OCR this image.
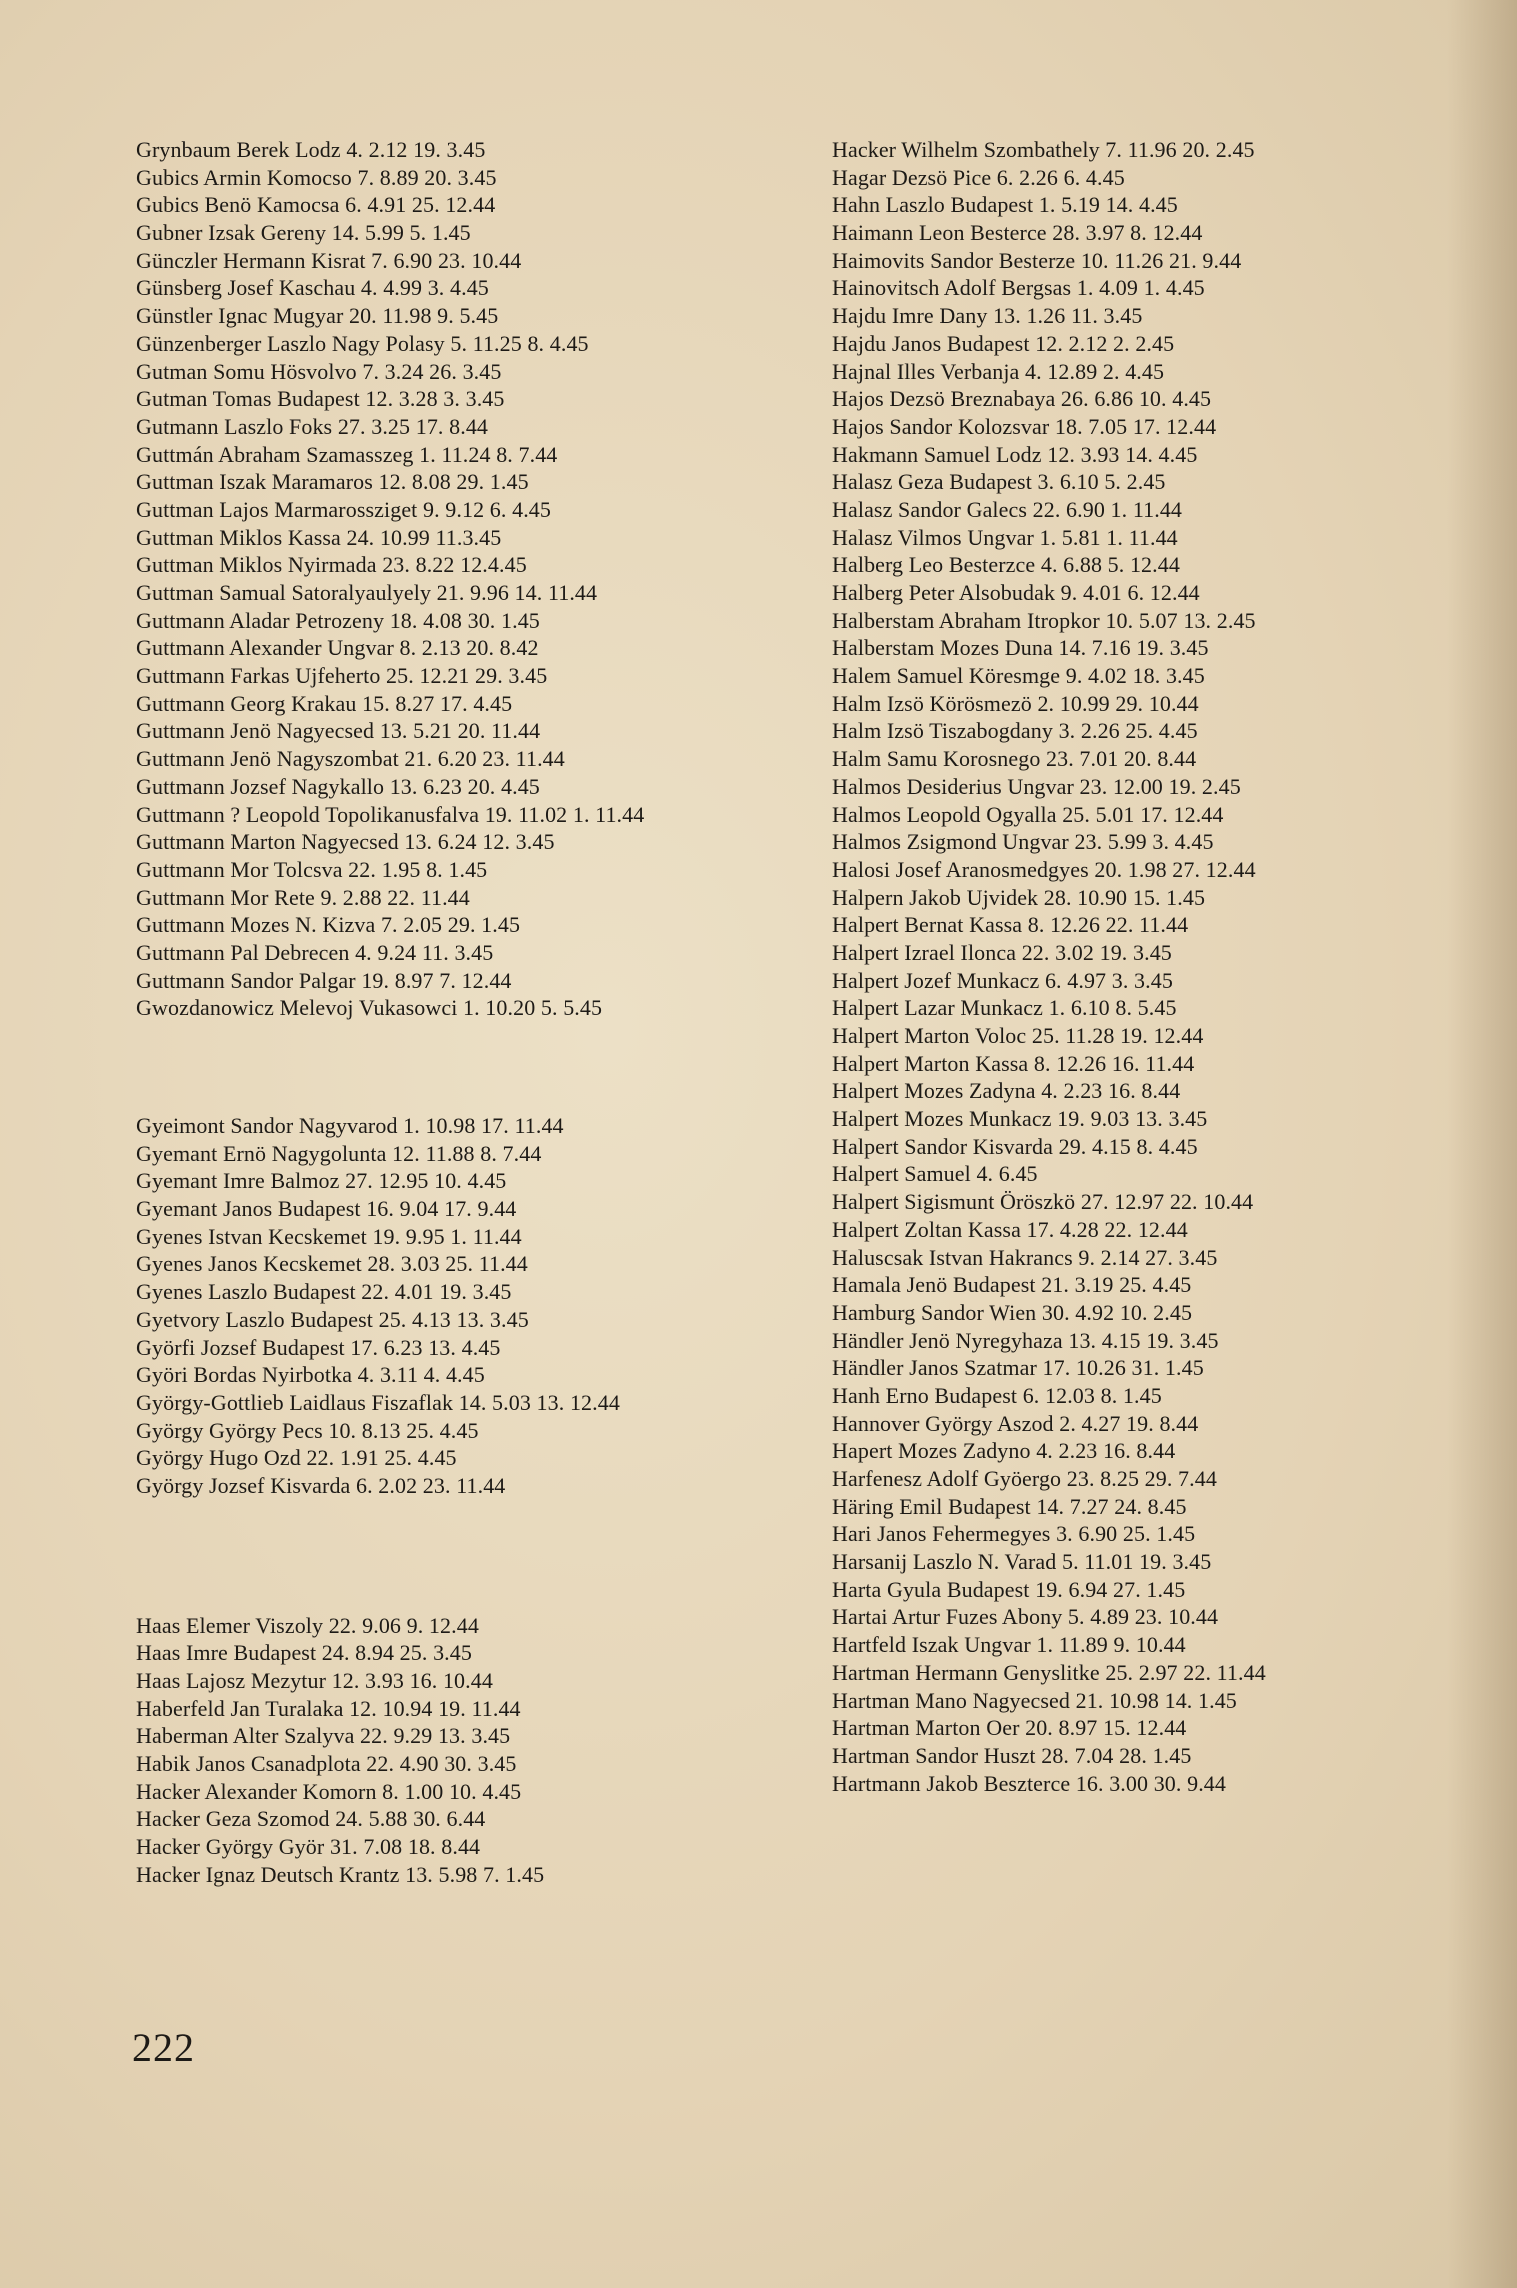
Grynbaum Berek Lodz 4. 2.12 19. 3.45
Gubics Armin Komocso 7. 8.89 20. 3.45
Gubics Benö Kamocsa 6. 4.91 25. 12.44
Gubner Izsak Gereny 14. 5.99 5. 1.45
Günczler Hermann Kisrat 7. 6.90 23. 10.44
Günsberg Josef Kaschau 4. 4.99 3. 4.45
Günstler Ignac Mugyar 20. 11.98 9. 5.45
Günzenberger Laszlo Nagy Polasy 5. 11.25 8. 4.45
Gutman Somu Hösvolvo 7. 3.24 26. 3.45
Gutman Tomas Budapest 12. 3.28 3. 3.45
Gutmann Laszlo Foks 27. 3.25 17. 8.44
Guttmán Abraham Szamasszeg 1. 11.24 8. 7.44
Guttman Iszak Maramaros 12. 8.08 29. 1.45
Guttman Lajos Marmarossziget 9. 9.12 6. 4.45
Guttman Miklos Kassa 24. 10.99 11.3.45
Guttman Miklos Nyirmada 23. 8.22 12.4.45
Guttman Samual Satoralyaulyely 21. 9.96 14. 11.44
Guttmann Aladar Petrozeny 18. 4.08 30. 1.45
Guttmann Alexander Ungvar 8. 2.13 20. 8.42
Guttmann Farkas Ujfeherto 25. 12.21 29. 3.45
Guttmann Georg Krakau 15. 8.27 17. 4.45
Guttmann Jenö Nagyecsed 13. 5.21 20. 11.44
Guttmann Jenö Nagyszombat 21. 6.20 23. 11.44
Guttmann Jozsef Nagykallo 13. 6.23 20. 4.45
Guttmann ? Leopold Topolikanusfalva 19. 11.02 1. 11.44
Guttmann Marton Nagyecsed 13. 6.24 12. 3.45
Guttmann Mor Tolcsva 22. 1.95 8. 1.45
Guttmann Mor Rete 9. 2.88 22. 11.44
Guttmann Mozes N. Kizva 7. 2.05 29. 1.45
Guttmann Pal Debrecen 4. 9.24 11. 3.45
Guttmann Sandor Palgar 19. 8.97 7. 12.44
Gwozdanowicz Melevoj Vukasowci 1. 10.20 5. 5.45
Gyeimont Sandor Nagyvarod 1. 10.98 17. 11.44
Gyemant Ernö Nagygolunta 12. 11.88 8. 7.44
Gyemant Imre Balmoz 27. 12.95 10. 4.45
Gyemant Janos Budapest 16. 9.04 17. 9.44
Gyenes Istvan Kecskemet 19. 9.95 1. 11.44
Gyenes Janos Kecskemet 28. 3.03 25. 11.44
Gyenes Laszlo Budapest 22. 4.01 19. 3.45
Gyetvory Laszlo Budapest 25. 4.13 13. 3.45
Györfi Jozsef Budapest 17. 6.23 13. 4.45
Györi Bordas Nyirbotka 4. 3.11 4. 4.45
György-Gottlieb Laidlaus Fiszaflak 14. 5.03 13. 12.44
György György Pecs 10. 8.13 25. 4.45
György Hugo Ozd 22. 1.91 25. 4.45
György Jozsef Kisvarda 6. 2.02 23. 11.44
Haas Elemer Viszoly 22. 9.06 9. 12.44
Haas Imre Budapest 24. 8.94 25. 3.45
Haas Lajosz Mezytur 12. 3.93 16. 10.44
Haberfeld Jan Turalaka 12. 10.94 19. 11.44
Haberman Alter Szalyva 22. 9.29 13. 3.45
Habik Janos Csanadplota 22. 4.90 30. 3.45
Hacker Alexander Komorn 8. 1.00 10. 4.45
Hacker Geza Szomod 24. 5.88 30. 6.44
Hacker György Györ 31. 7.08 18. 8.44
Hacker Ignaz Deutsch Krantz 13. 5.98 7. 1.45
Hacker Wilhelm Szombathely 7. 11.96 20. 2.45
Hagar Dezsö Pice 6. 2.26 6. 4.45
Hahn Laszlo Budapest 1. 5.19 14. 4.45
Haimann Leon Besterce 28. 3.97 8. 12.44
Haimovits Sandor Besterze 10. 11.26 21. 9.44
Hainovitsch Adolf Bergsas 1. 4.09 1. 4.45
Hajdu Imre Dany 13. 1.26 11. 3.45
Hajdu Janos Budapest 12. 2.12 2. 2.45
Hajnal Illes Verbanja 4. 12.89 2. 4.45
Hajos Dezsö Breznabaya 26. 6.86 10. 4.45
Hajos Sandor Kolozsvar 18. 7.05 17. 12.44
Hakmann Samuel Lodz 12. 3.93 14. 4.45
Halasz Geza Budapest 3. 6.10 5. 2.45
Halasz Sandor Galecs 22. 6.90 1. 11.44
Halasz Vilmos Ungvar 1. 5.81 1. 11.44
Halberg Leo Besterzce 4. 6.88 5. 12.44
Halberg Peter Alsobudak 9. 4.01 6. 12.44
Halberstam Abraham Itropkor 10. 5.07 13. 2.45
Halberstam Mozes Duna 14. 7.16 19. 3.45
Halem Samuel Köresmge 9. 4.02 18. 3.45
Halm Izsö Körösmezö 2. 10.99 29. 10.44
Halm Izsö Tiszabogdany 3. 2.26 25. 4.45
Halm Samu Korosnego 23. 7.01 20. 8.44
Halmos Desiderius Ungvar 23. 12.00 19. 2.45
Halmos Leopold Ogyalla 25. 5.01 17. 12.44
Halmos Zsigmond Ungvar 23. 5.99 3. 4.45
Halosi Josef Aranosmedgyes 20. 1.98 27. 12.44
Halpern Jakob Ujvidek 28. 10.90 15. 1.45
Halpert Bernat Kassa 8. 12.26 22. 11.44
Halpert Izrael Ilonca 22. 3.02 19. 3.45
Halpert Jozef Munkacz 6. 4.97 3. 3.45
Halpert Lazar Munkacz 1. 6.10 8. 5.45
Halpert Marton Voloc 25. 11.28 19. 12.44
Halpert Marton Kassa 8. 12.26 16. 11.44
Halpert Mozes Zadyna 4. 2.23 16. 8.44
Halpert Mozes Munkacz 19. 9.03 13. 3.45
Halpert Sandor Kisvarda 29. 4.15 8. 4.45
Halpert Samuel 4. 6.45
Halpert Sigismunt Öröszkö 27. 12.97 22. 10.44
Halpert Zoltan Kassa 17. 4.28 22. 12.44
Haluscsak Istvan Hakrancs 9. 2.14 27. 3.45
Hamala Jenö Budapest 21. 3.19 25. 4.45
Hamburg Sandor Wien 30. 4.92 10. 2.45
Händler Jenö Nyregyhaza 13. 4.15 19. 3.45
Händler Janos Szatmar 17. 10.26 31. 1.45
Hanh Erno Budapest 6. 12.03 8. 1.45
Hannover György Aszod 2. 4.27 19. 8.44
Hapert Mozes Zadyno 4. 2.23 16. 8.44
Harfenesz Adolf Gyöergo 23. 8.25 29. 7.44
Häring Emil Budapest 14. 7.27 24. 8.45
Hari Janos Fehermegyes 3. 6.90 25. 1.45
Harsanij Laszlo N. Varad 5. 11.01 19. 3.45
Harta Gyula Budapest 19. 6.94 27. 1.45
Hartai Artur Fuzes Abony 5. 4.89 23. 10.44
Hartfeld Iszak Ungvar 1. 11.89 9. 10.44
Hartman Hermann Genyslitke 25. 2.97 22. 11.44
Hartman Mano Nagyecsed 21. 10.98 14. 1.45
Hartman Marton Oer 20. 8.97 15. 12.44
Hartman Sandor Huszt 28. 7.04 28. 1.45
Hartmann Jakob Beszterce 16. 3.00 30. 9.44
222
